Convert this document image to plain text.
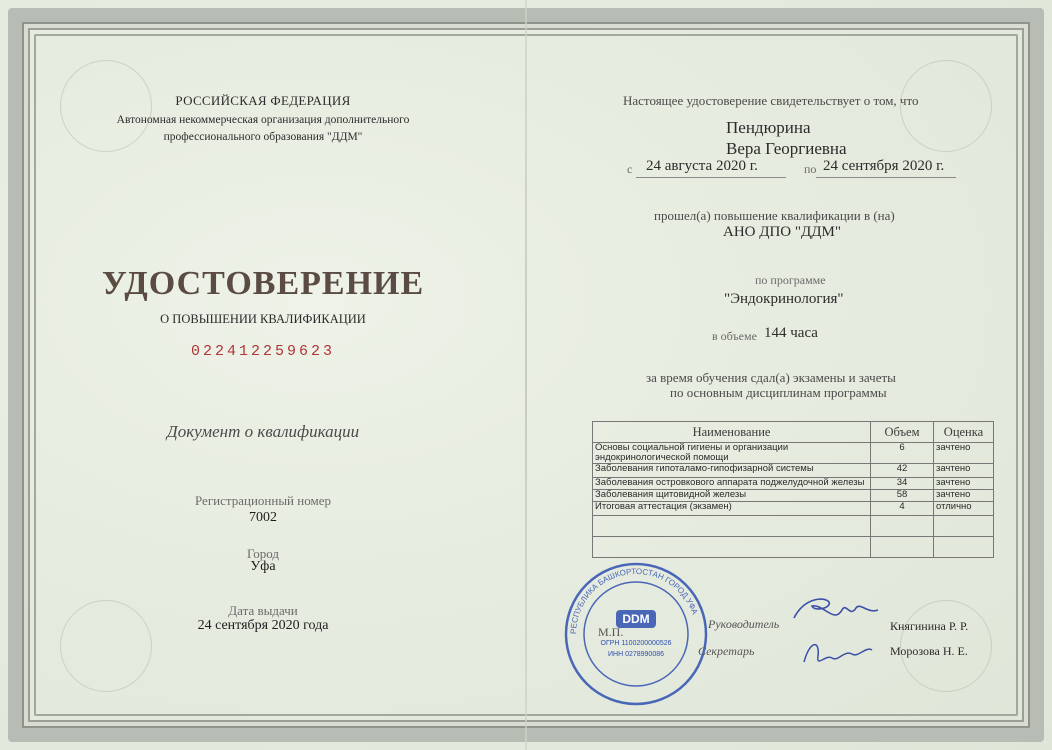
РОССИЙСКАЯ ФЕДЕРАЦИЯ
Автономная некоммерческая организация дополнительного
профессионального образования "ДДМ"
УДОСТОВЕРЕНИЕ
О ПОВЫШЕНИИ КВАЛИФИКАЦИИ
022412259623
Документ о квалификации
Регистрационный номер
7002
Город
Уфа
Дата выдачи
24 сентября 2020 года
Настоящее удостоверение свидетельствует о том, что
Пендюрина
Вера Георгиевна
с 24 августа 2020 г.	по 24 сентября 2020 г.
прошел(а) повышение квалификации в (на)
АНО ДПО "ДДМ"
по программе
"Эндокринология"
в объеме 144 часа
за время обучения сдал(а) экзамены и зачеты
по основным дисциплинам программы
Наименование	Объем	Оценка
Основы социальной гигиены и организации эндокринологической помощи	6	зачтено
Заболевания гипоталамо-гипофизарной системы	42	зачтено
Заболевания островкового аппарата поджелудочной железы	34	зачтено
Заболевания щитовидной железы	58	зачтено
Итоговая аттестация (экзамен)	4	отлично

РЕСПУБЛИКА БАШКОРТОСТАН ГОРОД УФА
DDM
ОГРН 1100200000526
ИНН 0278990086
М.П.
Руководитель
Секретарь
Княгинина Р. Р.
Морозова Н. Е.
